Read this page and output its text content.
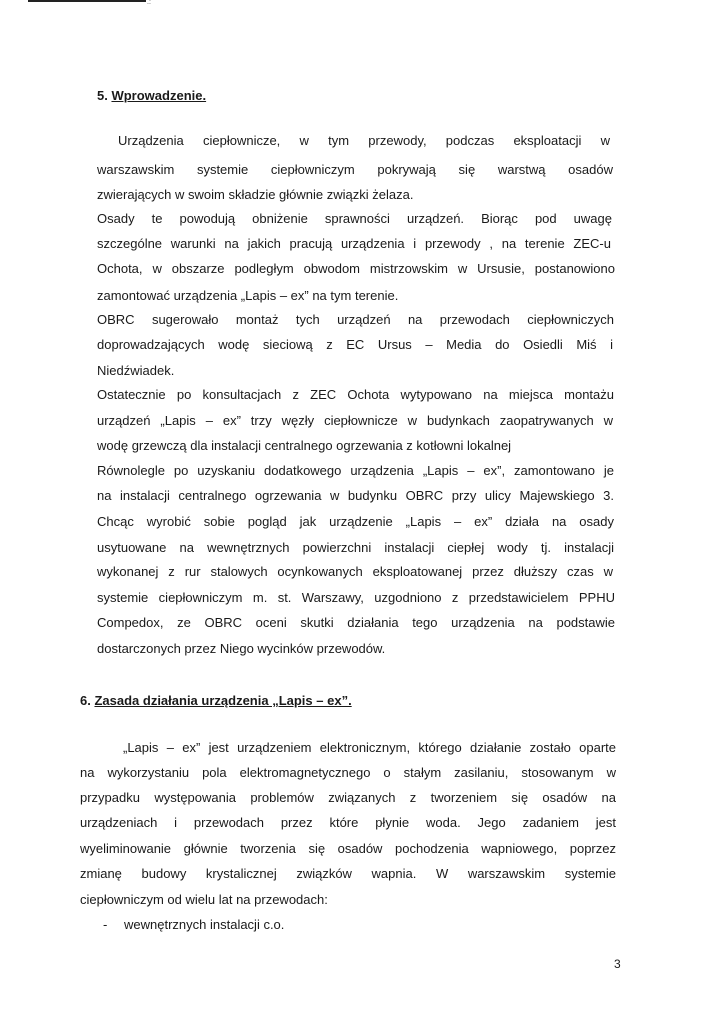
.:
5. Wprowadzenie.
Urządzenia ciepłownicze, w tym przewody, podczas eksploatacji w
warszawskim systemie ciepłowniczym pokrywają się warstwą osadów
zwierających w swoim składzie głównie związki żelaza.
Osady te powodują obniżenie sprawności urządzeń. Biorąc pod uwagę
szczególne warunki na jakich pracują urządzenia i przewody , na terenie ZEC-u
Ochota, w obszarze podległym obwodom mistrzowskim w Ursusie, postanowiono
zamontować urządzenia „Lapis – ex” na tym terenie.
OBRC sugerowało montaż tych urządzeń na przewodach ciepłowniczych
doprowadzających wodę sieciową z EC Ursus – Media do Osiedli Miś i
Niedźwiadek.
Ostatecznie po konsultacjach z ZEC Ochota wytypowano na miejsca montażu
urządzeń „Lapis – ex” trzy węzły ciepłownicze w budynkach zaopatrywanych w
wodę grzewczą dla instalacji centralnego ogrzewania z kotłowni lokalnej
Równolegle po uzyskaniu dodatkowego urządzenia „Lapis – ex”, zamontowano je
na instalacji centralnego ogrzewania w budynku OBRC przy ulicy Majewskiego 3.
Chcąc wyrobić sobie pogląd jak urządzenie „Lapis – ex” działa na osady
usytuowane na wewnętrznych powierzchni instalacji ciepłej wody tj. instalacji
wykonanej z rur stalowych ocynkowanych eksploatowanej przez dłuższy czas w
systemie ciepłowniczym m. st. Warszawy, uzgodniono z przedstawicielem PPHU
Compedox, ze OBRC oceni skutki działania tego urządzenia na podstawie
dostarczonych przez Niego wycinków przewodów.
6. Zasada działania urządzenia „Lapis – ex”.
„Lapis – ex” jest urządzeniem elektronicznym, którego działanie zostało oparte
na wykorzystaniu pola elektromagnetycznego o stałym zasilaniu, stosowanym w
przypadku występowania problemów związanych z tworzeniem się osadów na
urządzeniach i przewodach przez które płynie woda. Jego zadaniem jest
wyeliminowanie głównie tworzenia się osadów pochodzenia wapniowego, poprzez
zmianę budowy krystalicznej związków wapnia. W warszawskim systemie
ciepłowniczym od wielu lat na przewodach:
- wewnętrznych instalacji c.o.
3
